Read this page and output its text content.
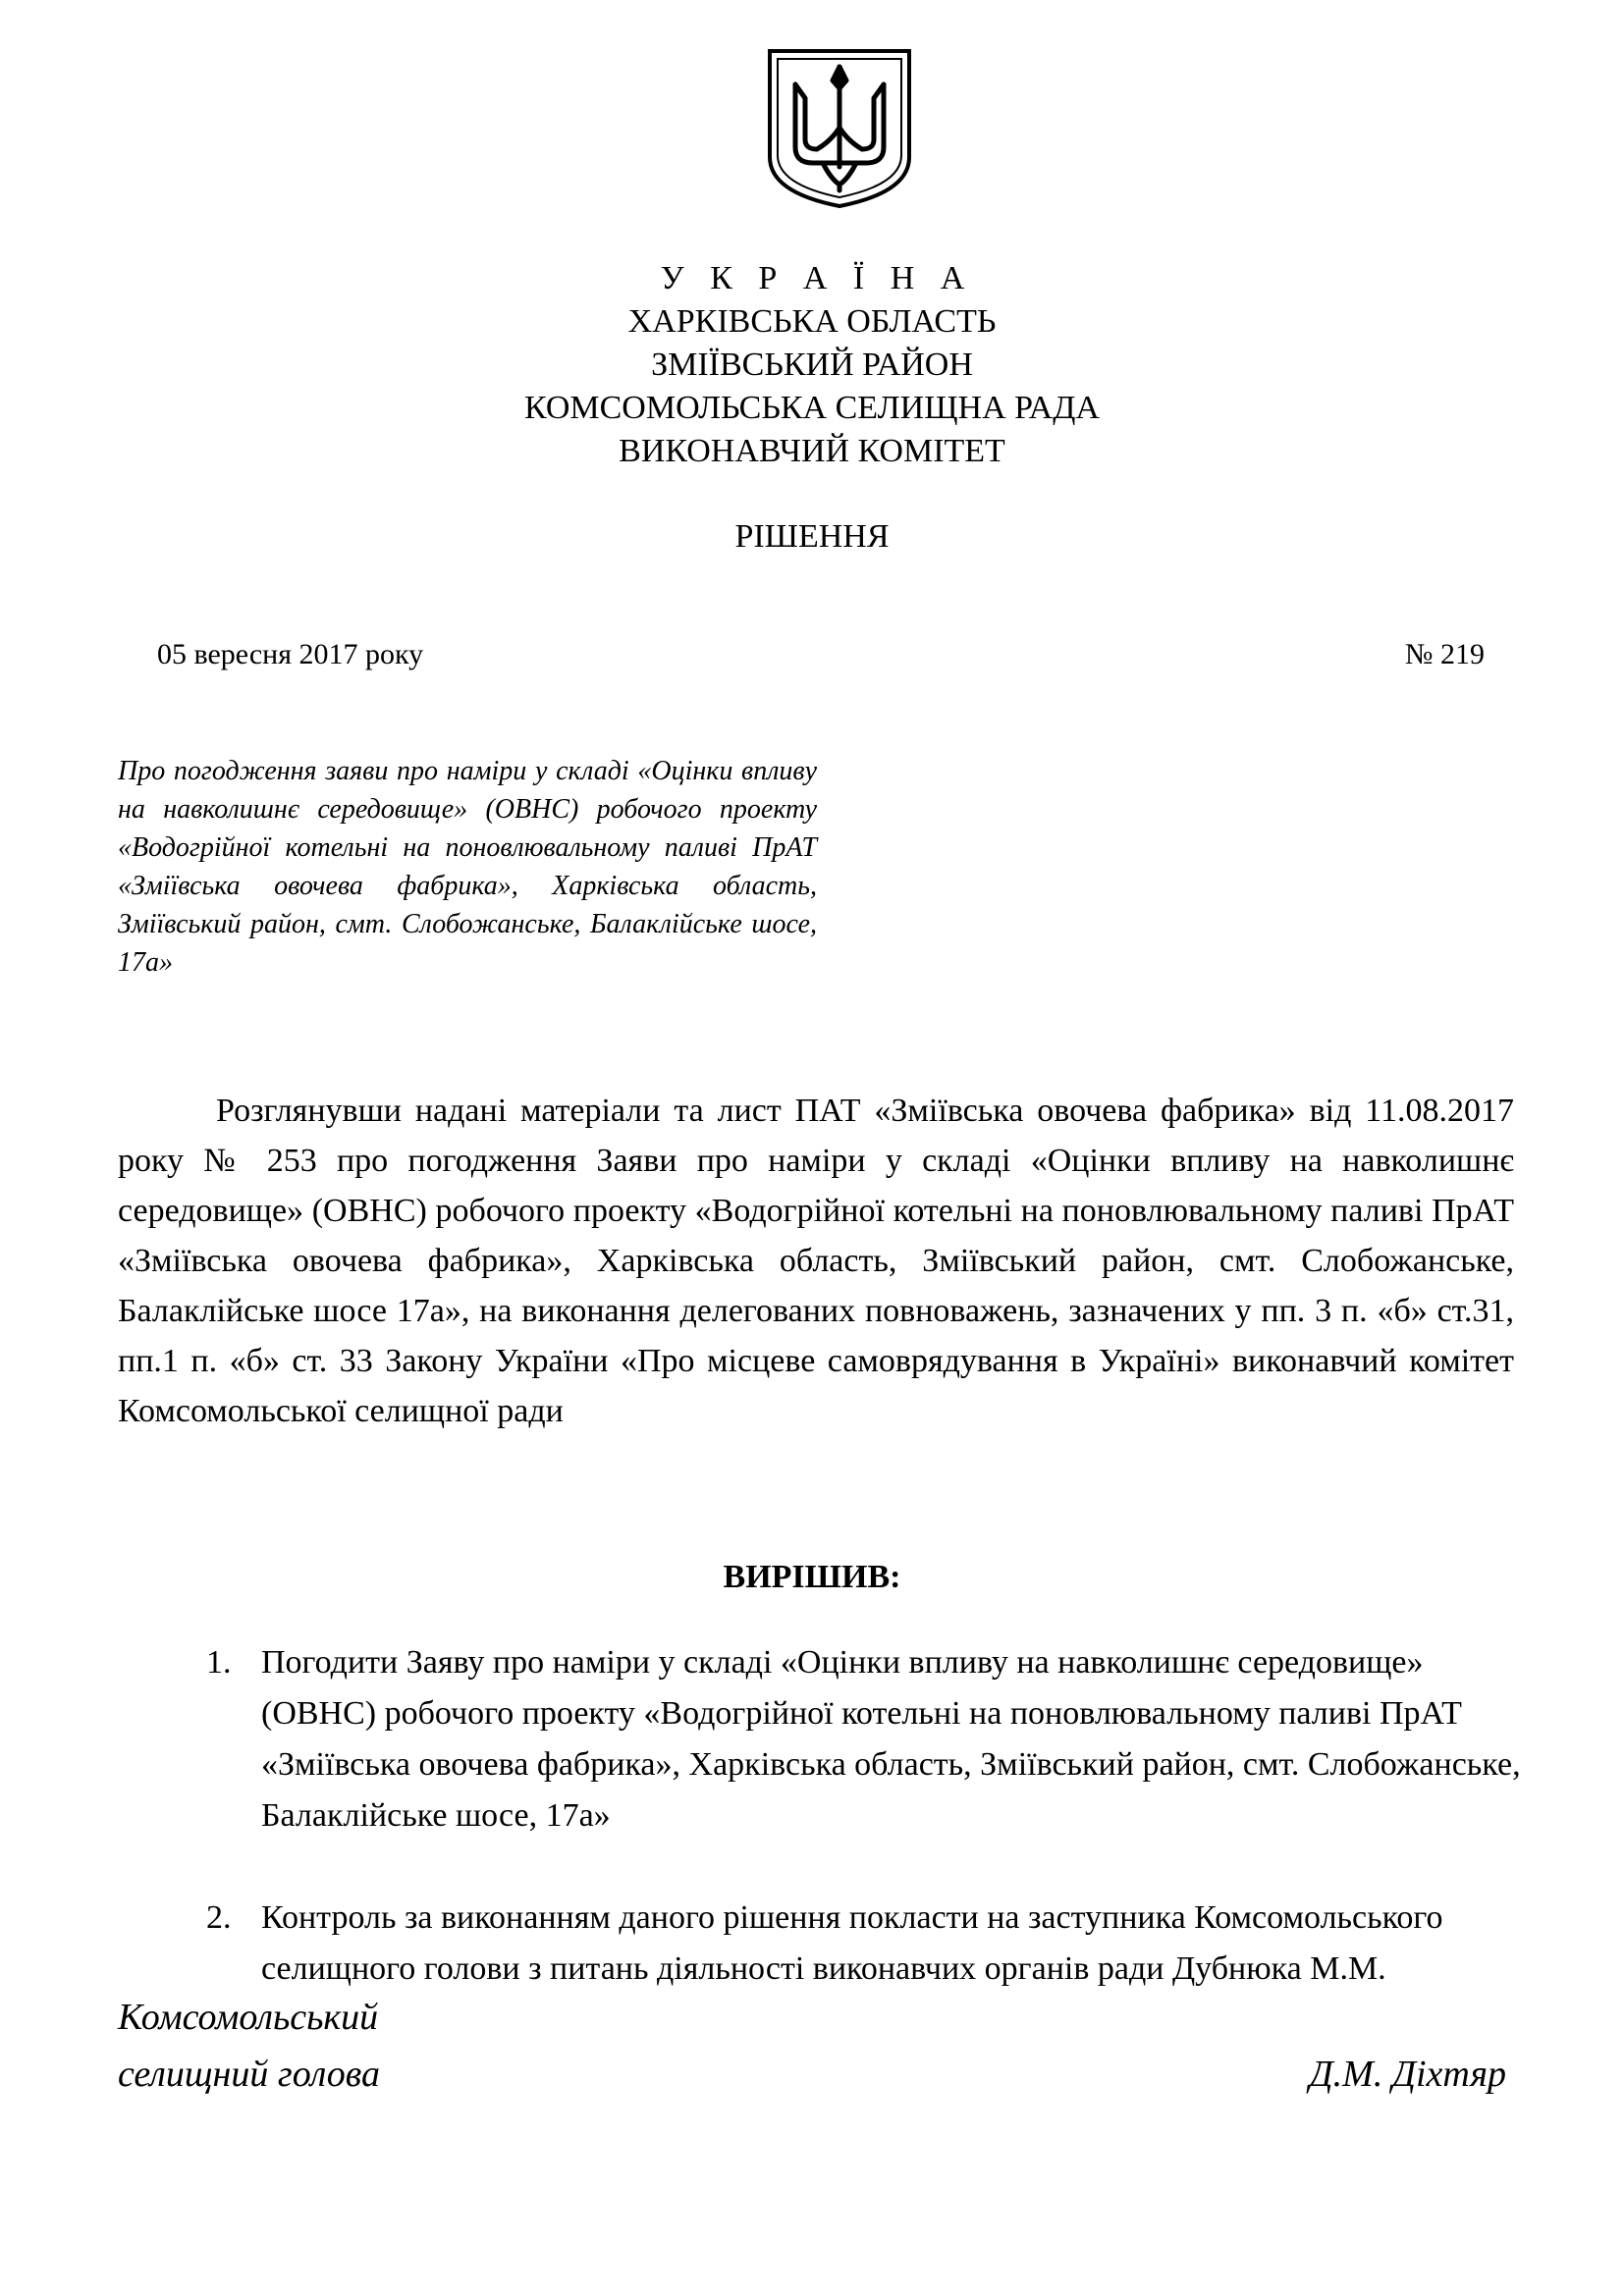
У К Р А Ї Н А
ХАРКІВСЬКА ОБЛАСТЬ
ЗМІЇВСЬКИЙ РАЙОН
КОМСОМОЛЬСЬКА СЕЛИЩНА РАДА
ВИКОНАВЧИЙ КОМІТЕТ
РІШЕННЯ
05 вересня 2017 року	№ 219
Про погодження заяви про наміри у складі «Оцінки впливу на навколишнє середовище» (ОВНС) робочого проекту «Водогрійної котельні на поновлювальному паливі ПрАТ «Зміївська овочева фабрика», Харківська область, Зміївський район, смт. Слобожанське, Балаклійське шосе, 17а»
Розглянувши надані матеріали та лист ПАТ «Зміївська овочева фабрика» від 11.08.2017 року № 253 про погодження Заяви про наміри у складі «Оцінки впливу на навколишнє середовище» (ОВНС) робочого проекту «Водогрійної котельні на поновлювальному паливі ПрАТ «Зміївська овочева фабрика», Харківська область, Зміївський район, смт. Слобожанське, Балаклійське шосе 17а», на виконання делегованих повноважень, зазначених у пп. 3 п. «б» ст.31, пп.1 п. «б» ст. 33 Закону України «Про місцеве самоврядування в Україні» виконавчий комітет Комсомольської селищної ради
ВИРІШИВ:
1. Погодити Заяву про наміри у складі «Оцінки впливу на навколишнє середовище» (ОВНС) робочого проекту «Водогрійної котельні на поновлювальному паливі ПрАТ «Зміївська овочева фабрика», Харківська область, Зміївський район, смт. Слобожанське, Балаклійське шосе, 17а»
2. Контроль за виконанням даного рішення покласти на заступника Комсомольського селищного голови з питань діяльності виконавчих органів ради Дубнюка М.М.
Комсомольський
селищний голова	Д.М. Діхтяр
